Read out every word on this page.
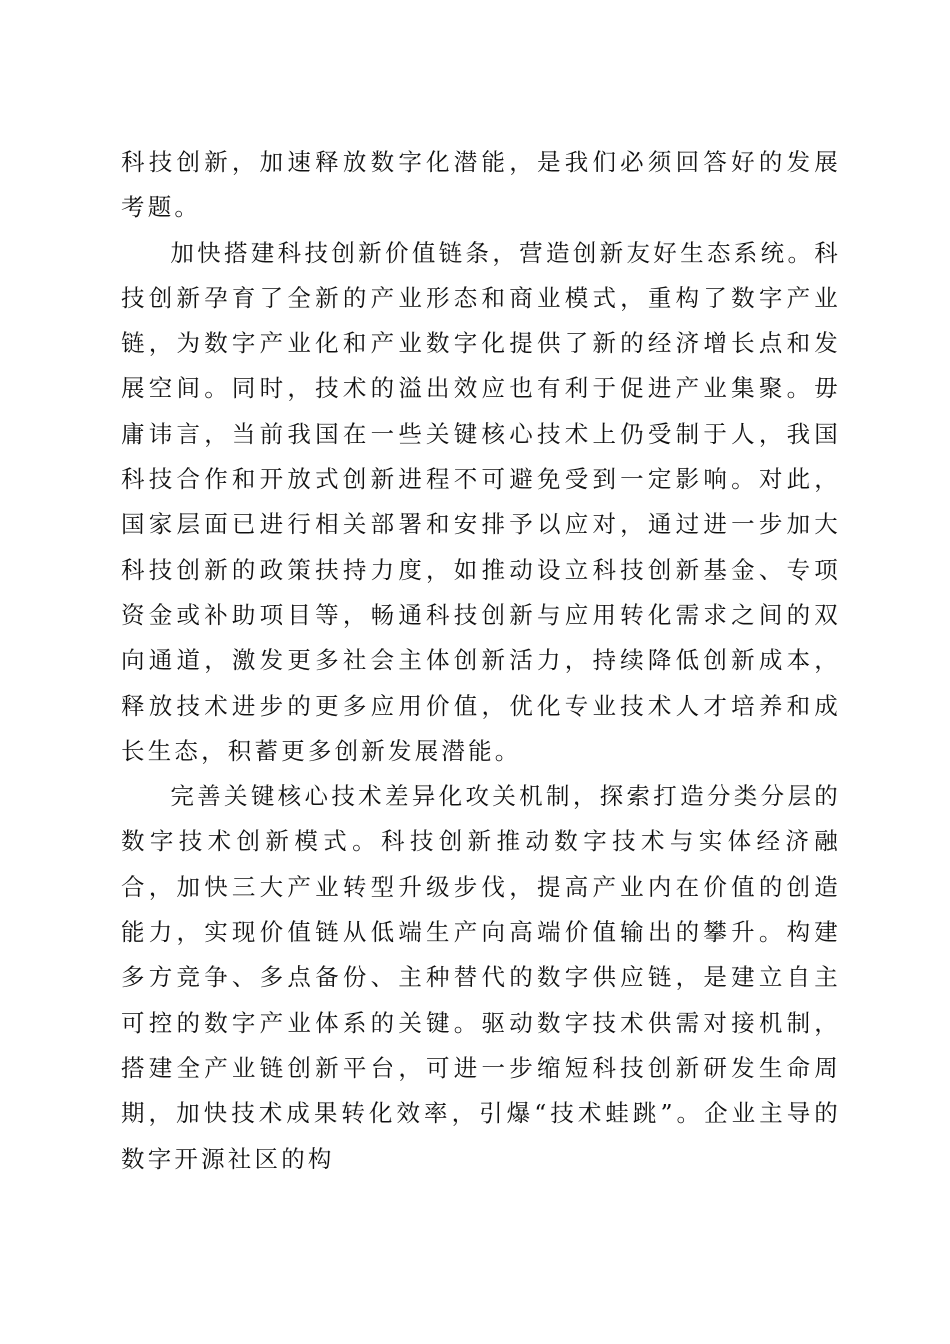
科技创新，加速释放数字化潜能，是我们必须回答好的发展考题。

加快搭建科技创新价值链条，营造创新友好生态系统。科技创新孕育了全新的产业形态和商业模式，重构了数字产业链，为数字产业化和产业数字化提供了新的经济增长点和发展空间。同时，技术的溢出效应也有利于促进产业集聚。毋庸讳言，当前我国在一些关键核心技术上仍受制于人，我国科技合作和开放式创新进程不可避免受到一定影响。对此，国家层面已进行相关部署和安排予以应对，通过进一步加大科技创新的政策扶持力度，如推动设立科技创新基金、专项资金或补助项目等，畅通科技创新与应用转化需求之间的双向通道，激发更多社会主体创新活力，持续降低创新成本，释放技术进步的更多应用价值，优化专业技术人才培养和成长生态，积蓄更多创新发展潜能。

完善关键核心技术差异化攻关机制，探索打造分类分层的数字技术创新模式。科技创新推动数字技术与实体经济融合，加快三大产业转型升级步伐，提高产业内在价值的创造能力，实现价值链从低端生产向高端价值输出的攀升。构建多方竞争、多点备份、主种替代的数字供应链，是建立自主可控的数字产业体系的关键。驱动数字技术供需对接机制，搭建全产业链创新平台，可进一步缩短科技创新研发生命周期，加快技术成果转化效率，引爆“技术蛙跳”。企业主导的数字开源社区的构
